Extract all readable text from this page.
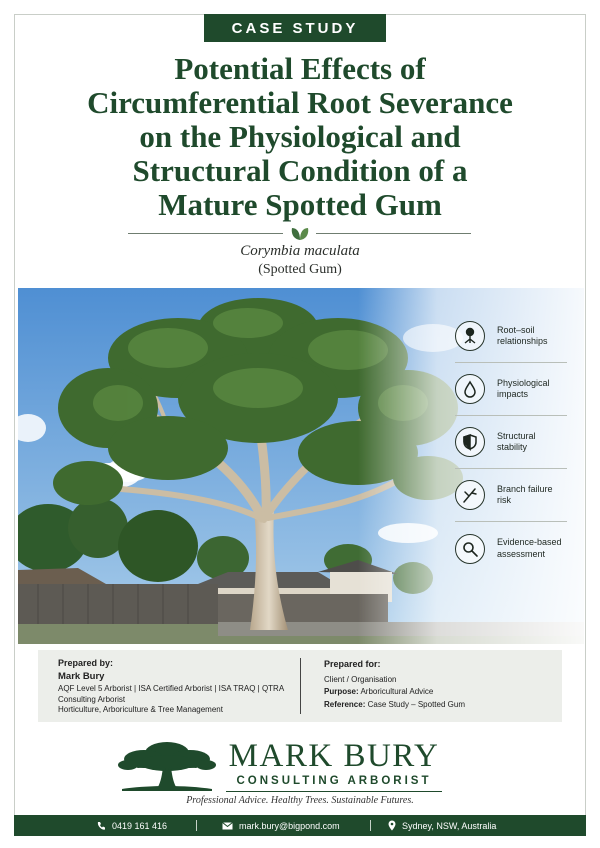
CASE STUDY
Potential Effects of
Circumferential Root Severance
on the Physiological and
Structural Condition of a
Mature Spotted Gum
Corymbia maculata
(Spotted Gum)
Root–soil relationships
Physiological impacts
Structural stability
Branch failure risk
Evidence-based assessment
Prepared by:
Mark Bury
AQF Level 5 Arborist | ISA Certified Arborist | ISA TRAQ | QTRA Consulting Arborist
Horticulture, Arboriculture & Tree Management
Prepared for:
Client / Organisation
Purpose: Arboricultural Advice
Reference: Case Study – Spotted Gum
MARK BURY
CONSULTING ARBORIST
Professional Advice. Healthy Trees. Sustainable Futures.
0419 161 416	mark.bury@bigpond.com	Sydney, NSW, Australia
